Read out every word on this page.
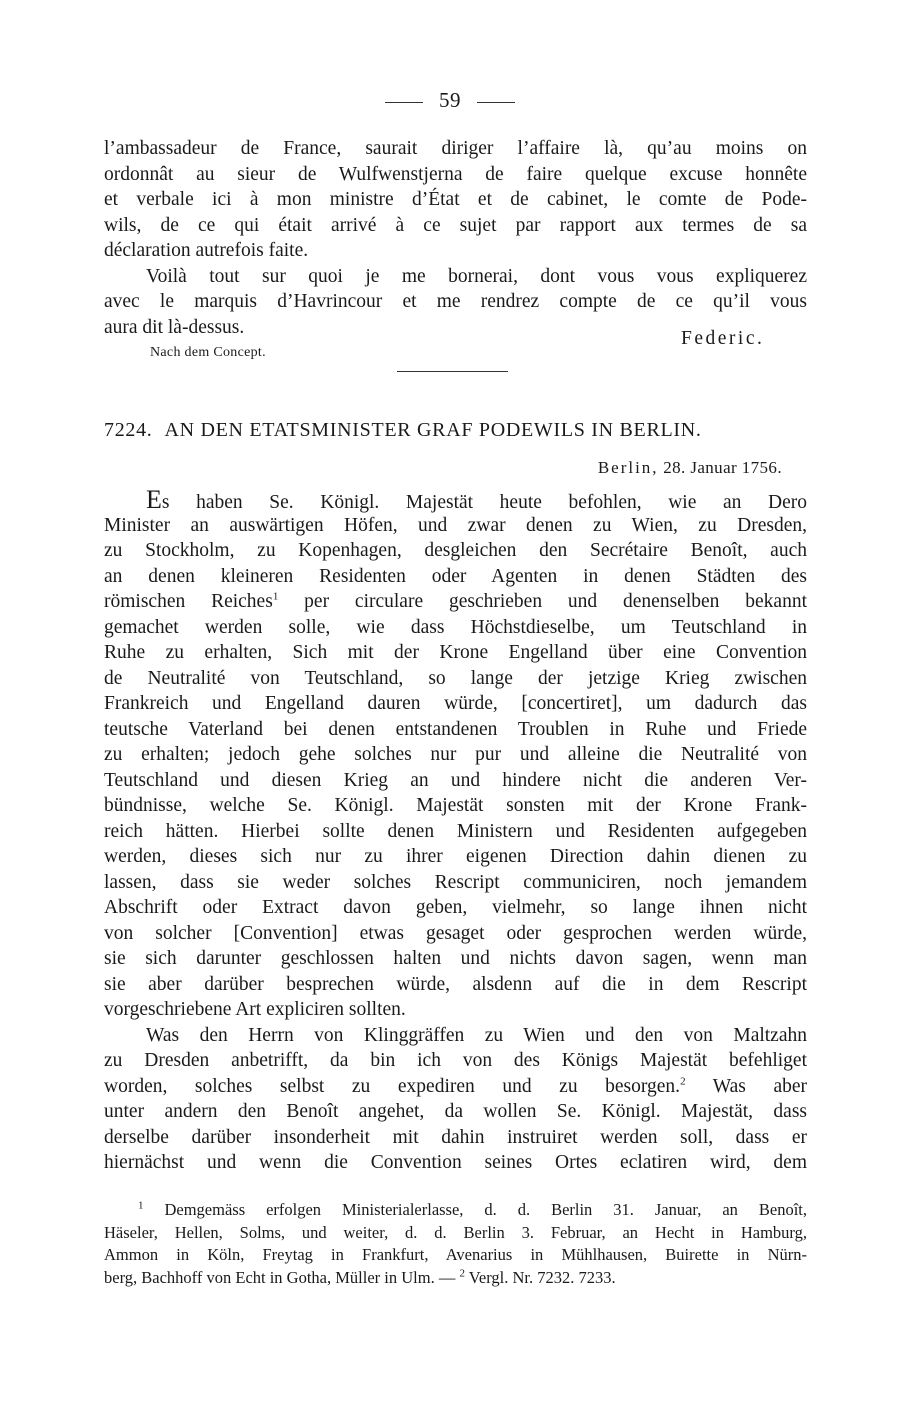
59
l’ambassadeur de France, saurait diriger l’affaire là, qu’au moins on
ordonnât au sieur de Wulfwenstjerna de faire quelque excuse honnête
et verbale ici à mon ministre d’État et de cabinet, le comte de Pode-
wils, de ce qui était arrivé à ce sujet par rapport aux termes de sa
déclaration autrefois faite.
Voilà tout sur quoi je me bornerai, dont vous vous expliquerez
avec le marquis d’Havrincour et me rendrez compte de ce qu’il vous
aura dit là-dessus.
Federic.
Nach dem Concept.
7224. AN DEN ETATSMINISTER GRAF PODEWILS IN BERLIN.
Berlin, 28. Januar 1756.
Es haben Se. Königl. Majestät heute befohlen, wie an Dero
Minister an auswärtigen Höfen, und zwar denen zu Wien, zu Dresden,
zu Stockholm, zu Kopenhagen, desgleichen den Secrétaire Benoît, auch
an denen kleineren Residenten oder Agenten in denen Städten des
römischen Reiches$^1$ per circulare geschrieben und denenselben bekannt
gemachet werden solle, wie dass Höchstdieselbe, um Teutschland in
Ruhe zu erhalten, Sich mit der Krone Engelland über eine Convention
de Neutralité von Teutschland, so lange der jetzige Krieg zwischen
Frankreich und Engelland dauren würde, [concertiret], um dadurch das
teutsche Vaterland bei denen entstandenen Troublen in Ruhe und Friede
zu erhalten; jedoch gehe solches nur pur und alleine die Neutralité von
Teutschland und diesen Krieg an und hindere nicht die anderen Ver-
bündnisse, welche Se. Königl. Majestät sonsten mit der Krone Frank-
reich hätten. Hierbei sollte denen Ministern und Residenten aufgegeben
werden, dieses sich nur zu ihrer eigenen Direction dahin dienen zu
lassen, dass sie weder solches Rescript communiciren, noch jemandem
Abschrift oder Extract davon geben, vielmehr, so lange ihnen nicht
von solcher [Convention] etwas gesaget oder gesprochen werden würde,
sie sich darunter geschlossen halten und nichts davon sagen, wenn man
sie aber darüber besprechen würde, alsdenn auf die in dem Rescript
vorgeschriebene Art expliciren sollten.
Was den Herrn von Klinggräffen zu Wien und den von Maltzahn
zu Dresden anbetrifft, da bin ich von des Königs Majestät befehliget
worden, solches selbst zu expediren und zu besorgen.$^2$ Was aber
unter andern den Benoît angehet, da wollen Se. Königl. Majestät, dass
derselbe darüber insonderheit mit dahin instruiret werden soll, dass er
hiernächst und wenn die Convention seines Ortes eclatiren wird, dem
$^1$ Demgemäss erfolgen Ministerialerlasse, d. d. Berlin 31. Januar, an Benoît,
Häseler, Hellen, Solms, und weiter, d. d. Berlin 3. Februar, an Hecht in Hamburg,
Ammon in Köln, Freytag in Frankfurt, Avenarius in Mühlhausen, Buirette in Nürn-
berg, Bachhoff von Echt in Gotha, Müller in Ulm. — $^2$ Vergl. Nr. 7232. 7233.
